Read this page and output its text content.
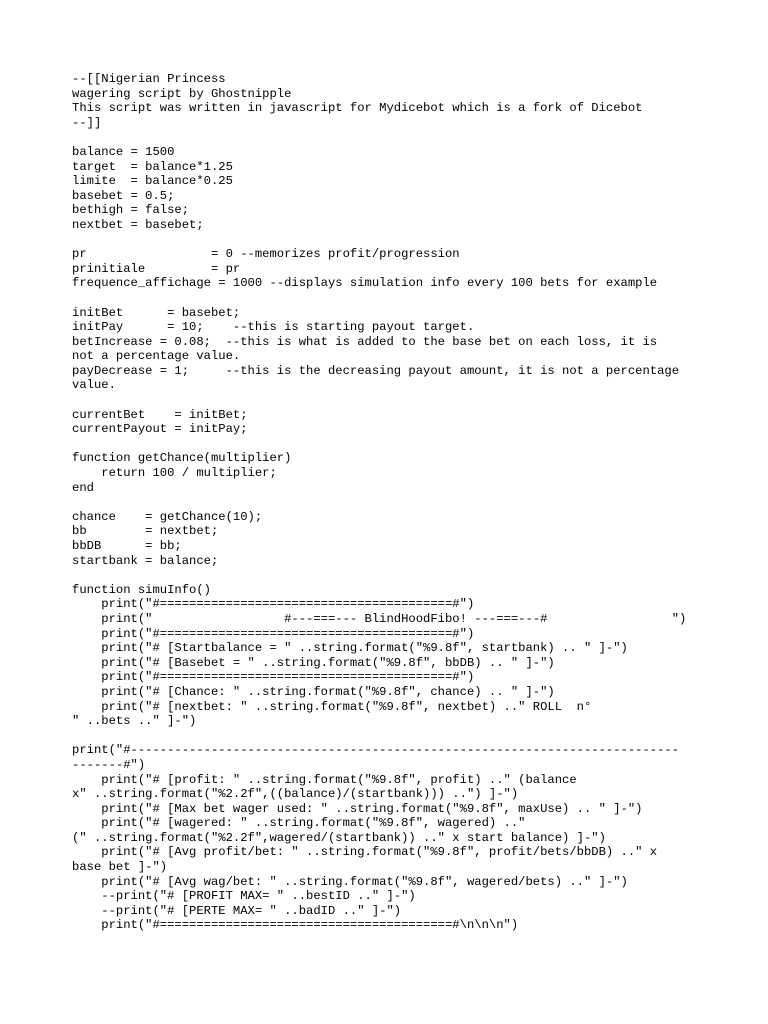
--[[Nigerian Princess
wagering script by Ghostnipple
This script was written in javascript for Mydicebot which is a fork of Dicebot
--]]
balance = 1500
target  = balance*1.25
limite  = balance*0.25
basebet = 0.5;
bethigh = false;
nextbet = basebet;
pr                 = 0 --memorizes profit/progression
prinitiale         = pr
frequence_affichage = 1000 --displays simulation info every 100 bets for example
initBet      = basebet;
initPay      = 10;    --this is starting payout target.
betIncrease = 0.08;  --this is what is added to the base bet on each loss, it is
not a percentage value.
payDecrease = 1;     --this is the decreasing payout amount, it is not a percentage
value.
currentBet    = initBet;
currentPayout = initPay;
function getChance(multiplier)
return 100 / multiplier;
end
chance    = getChance(10);
bb        = nextbet;
bbDB      = bb;
startbank = balance;
function simuInfo()
print("#========================================#")
print("                  #---===--- BlindHoodFibo! ---===---#                 ")
print("#========================================#")
print("# [Startbalance = " ..string.format("%9.8f", startbank) .. " ]-")
print("# [Basebet = " ..string.format("%9.8f", bbDB) .. " ]-")
print("#========================================#")
print("# [Chance: " ..string.format("%9.8f", chance) .. " ]-")
print("# [nextbet: " ..string.format("%9.8f", nextbet) .." ROLL  n°
" ..bets .." ]-")
print("#---------------------------------------------------------------------------
-------#")
print("# [profit: " ..string.format("%9.8f", profit) .." (balance
x" ..string.format("%2.2f",((balance)/(startbank))) ..") ]-")
print("# [Max bet wager used: " ..string.format("%9.8f", maxUse) .. " ]-")
print("# [wagered: " ..string.format("%9.8f", wagered) .."
(" ..string.format("%2.2f",wagered/(startbank)) .." x start balance) ]-")
print("# [Avg profit/bet: " ..string.format("%9.8f", profit/bets/bbDB) .." x
base bet ]-")
print("# [Avg wag/bet: " ..string.format("%9.8f", wagered/bets) .." ]-")
--print("# [PROFIT MAX= " ..bestID .." ]-")
--print("# [PERTE MAX= " ..badID .." ]-")
print("#========================================#\n\n\n")
